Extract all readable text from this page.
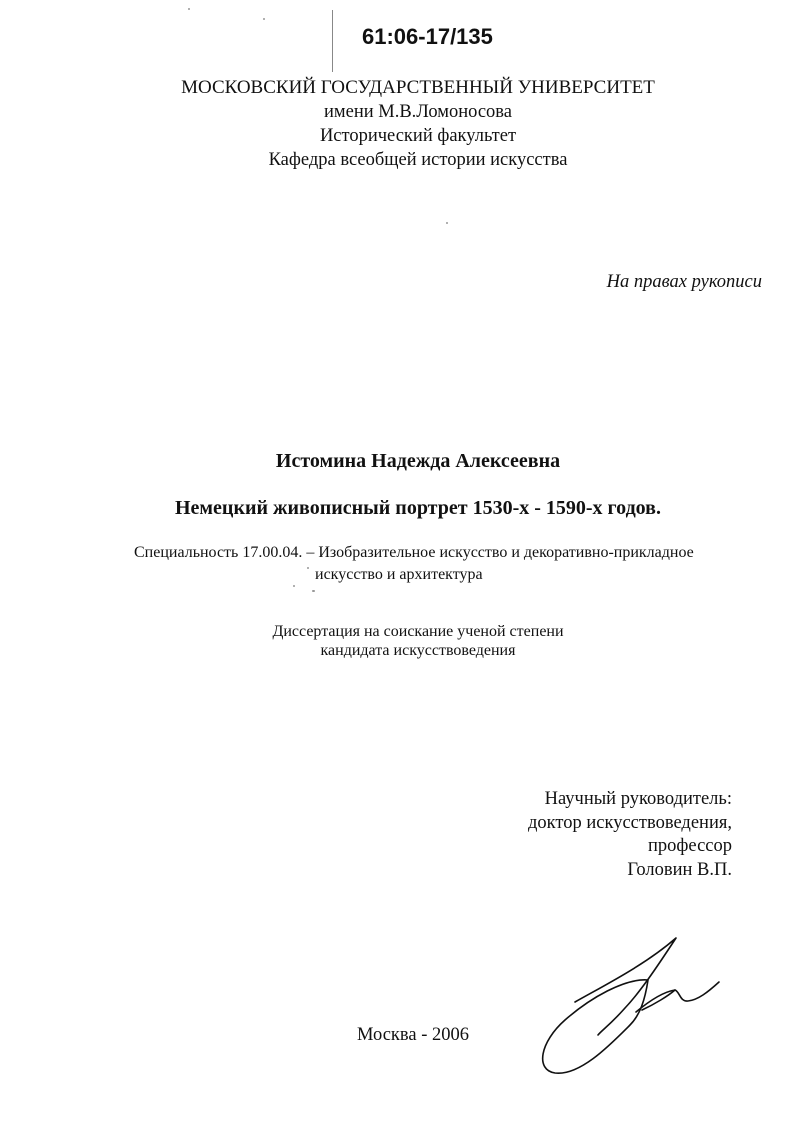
61:06-17/135
МОСКОВСКИЙ ГОСУДАРСТВЕННЫЙ УНИВЕРСИТЕТ
имени М.В.Ломоносова
Исторический факультет
Кафедра всеобщей истории искусства
На правах рукописи
Истомина Надежда Алексеевна
Немецкий живописный портрет 1530-х - 1590-х годов.
Специальность 17.00.04. – Изобразительное искусство и декоративно-прикладное
искусство и архитектура
Диссертация на соискание ученой степени
кандидата искусствоведения
Научный руководитель:
доктор искусствоведения,
профессор
Головин В.П.
Москва - 2006
